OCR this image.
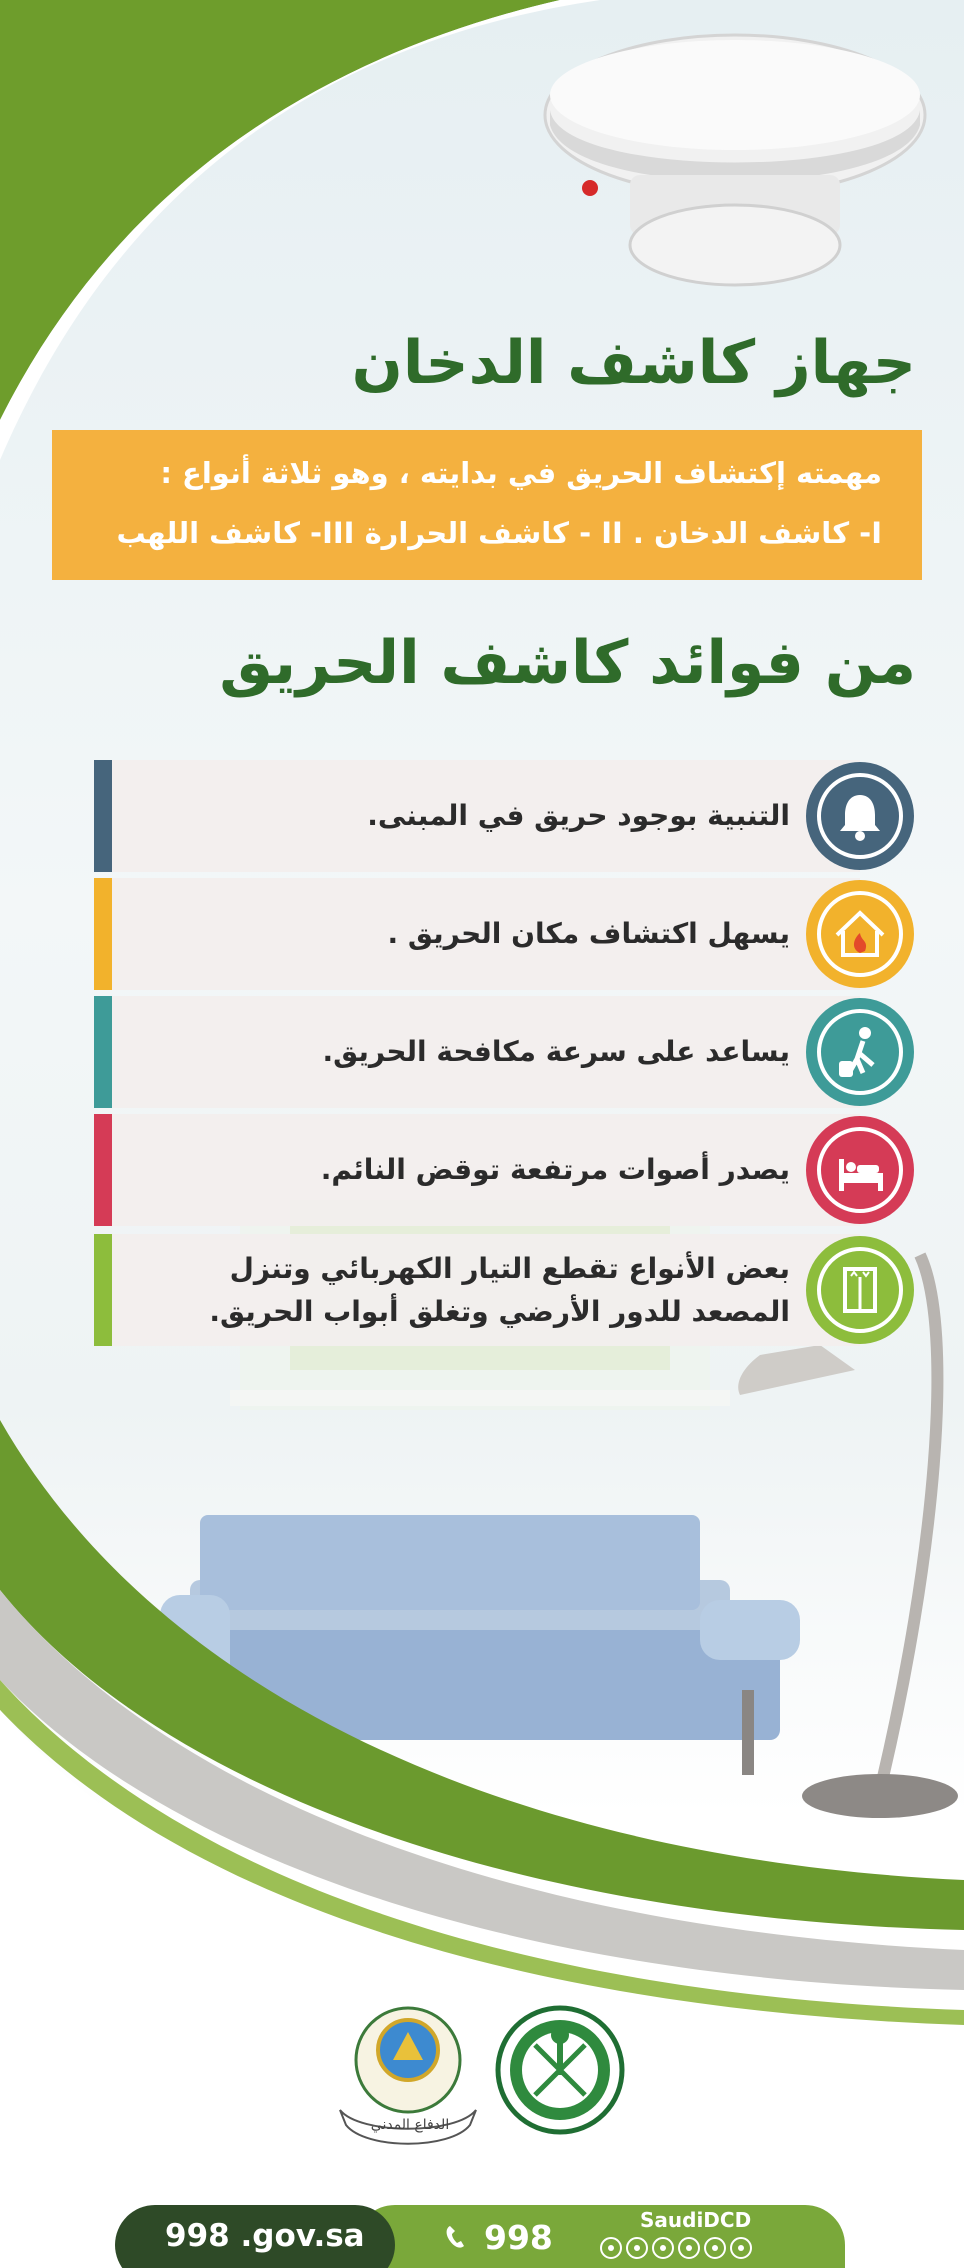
جهاز كاشف الدخان
مهمته إكتشاف الحريق في بدايته ، وهو ثلاثة أنواع :
I- كاشف الدخان . II - كاشف الحرارة III- كاشف اللهب
من فوائد كاشف الحريق
التنبية بوجود حريق في المبنى.
يسهل اكتشاف مكان الحريق .
يساعد على سرعة مكافحة الحريق.
يصدر أصوات مرتفعة توقض النائم.
بعض الأنواع تقطع التيار الكهربائي وتنزل المصعد للدور الأرضي وتغلق أبواب الحريق.
الدفاع المدني
998 .gov.sa	998	SaudiDCD
